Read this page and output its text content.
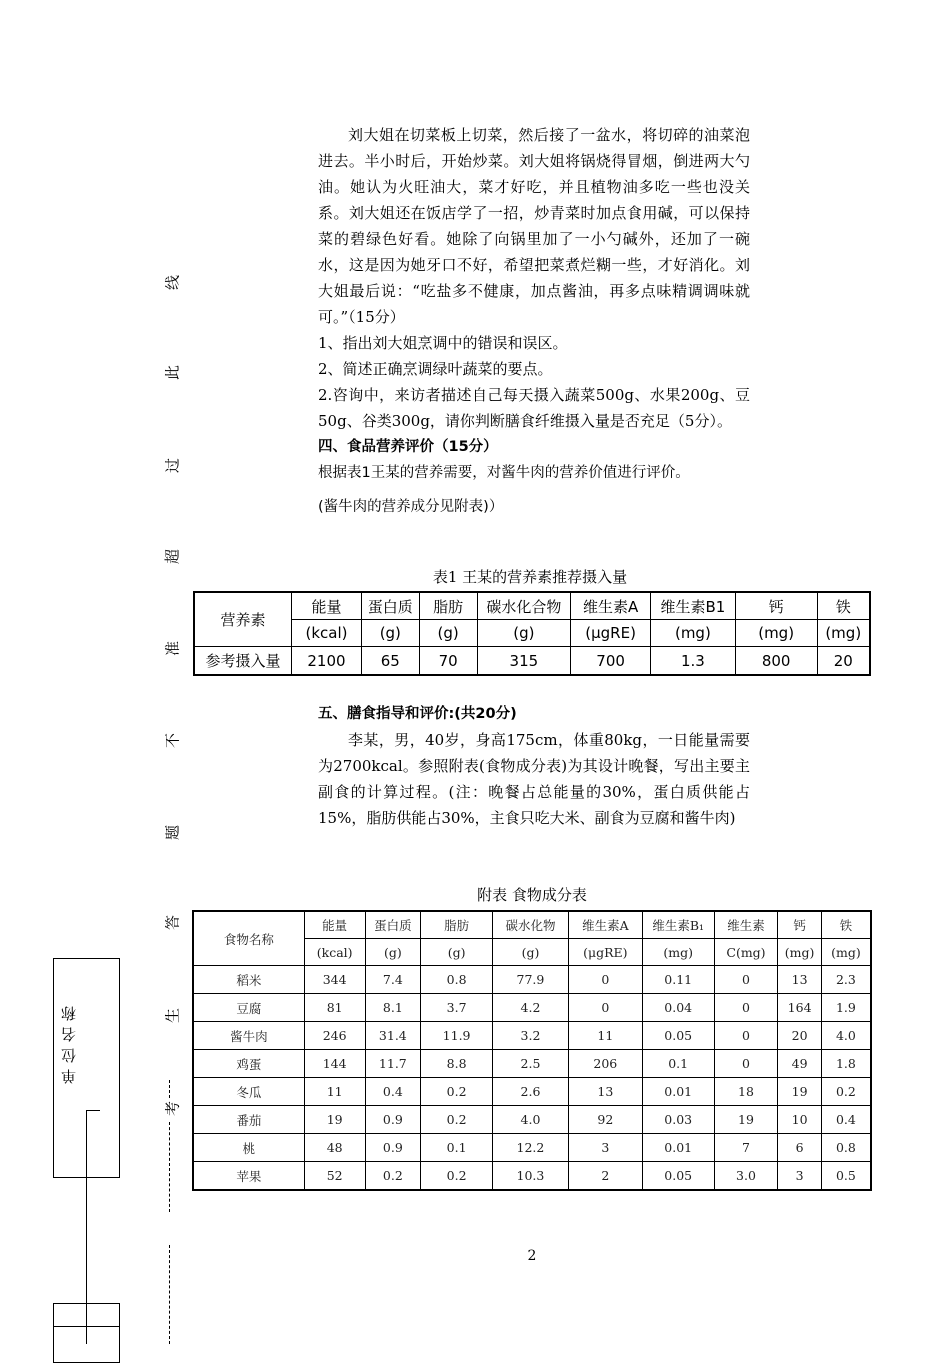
线
此
过
超
准
不
题
答
生
考
单位名称

刘大姐在切菜板上切菜，然后接了一盆水，将切碎的油菜泡进去。半小时后，开始炒菜。刘大姐将锅烧得冒烟，倒进两大勺油。她认为火旺油大，菜才好吃，并且植物油多吃一些也没关系。刘大姐还在饭店学了一招，炒青菜时加点食用碱，可以保持菜的碧绿色好看。她除了向锅里加了一小勺碱外，还加了一碗水，这是因为她牙口不好，希望把菜煮烂糊一些，才好消化。刘大姐最后说：“吃盐多不健康，加点酱油，再多点味精调调味就可。”（15分）

1、指出刘大姐烹调中的错误和误区。

2、简述正确烹调绿叶蔬菜的要点。

2.咨询中，来访者描述自己每天摄入蔬菜500g、水果200g、豆50g、谷类300g，请你判断膳食纤维摄入量是否充足（5分）。

四、食品营养评价（15分）

根据表1王某的营养需要，对酱牛肉的营养价值进行评价。

(酱牛肉的营养成分见附表)）

表1 王某的营养素推荐摄入量
营养素	能量	蛋白质	脂肪	碳水化合物	维生素A	维生素B1	钙	铁
	(kcal)	(g)	(g)	(g)	(μgRE)	(mg)	(mg)	(mg)
参考摄入量	2100	65	70	315	700	1.3	800	20

五、膳食指导和评价:(共20分)

李某，男，40岁，身高175cm，体重80kg，一日能量需要为2700kcal。参照附表(食物成分表)为其设计晚餐，写出主要主副食的计算过程。(注：晚餐占总能量的30%，蛋白质供能占15%，脂肪供能占30%，主食只吃大米、副食为豆腐和酱牛肉)

附表 食物成分表
食物名称	能量	蛋白质	脂肪	碳水化物	维生素A	维生素B₁	维生素	钙	铁
	(kcal)	(g)	(g)	(g)	(μgRE)	(mg)	C(mg)	(mg)	(mg)
稻米	344	7.4	0.8	77.9	0	0.11	0	13	2.3
豆腐	81	8.1	3.7	4.2	0	0.04	0	164	1.9
酱牛肉	246	31.4	11.9	3.2	11	0.05	0	20	4.0
鸡蛋	144	11.7	8.8	2.5	206	0.1	0	49	1.8
冬瓜	11	0.4	0.2	2.6	13	0.01	18	19	0.2
番茄	19	0.9	0.2	4.0	92	0.03	19	10	0.4
桃	48	0.9	0.1	12.2	3	0.01	7	6	0.8
苹果	52	0.2	0.2	10.3	2	0.05	3.0	3	0.5
2
